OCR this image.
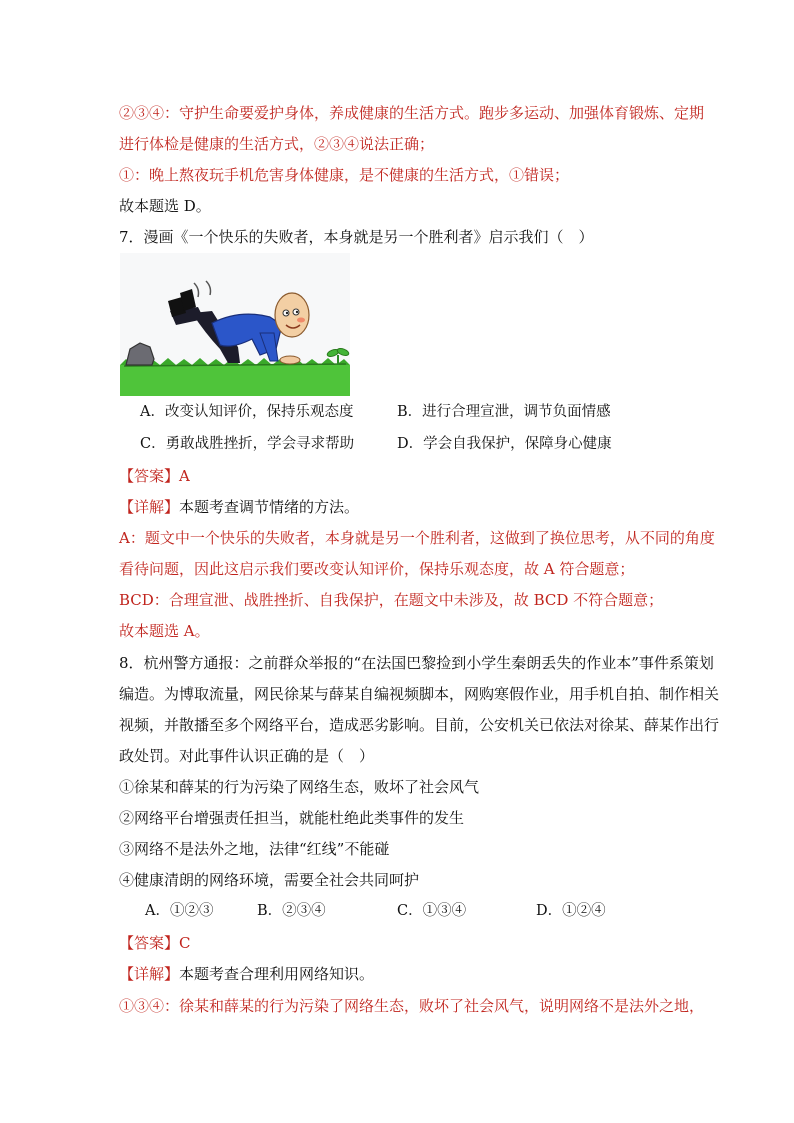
②③④：守护生命要爱护身体，养成健康的生活方式。跑步多运动、加强体育锻炼、定期
进行体检是健康的生活方式，②③④说法正确；
①：晚上熬夜玩手机危害身体健康，是不健康的生活方式，①错误；
故本题选 D。
7．漫画《一个快乐的失败者，本身就是另一个胜利者》启示我们（　）
A．改变认知评价，保持乐观态度	B．进行合理宣泄，调节负面情感
C．勇敢战胜挫折，学会寻求帮助	D．学会自我保护，保障身心健康
【答案】A
【详解】本题考查调节情绪的方法。
A：题文中一个快乐的失败者，本身就是另一个胜利者，这做到了换位思考，从不同的角度
看待问题，因此这启示我们要改变认知评价，保持乐观态度，故 A 符合题意；
BCD：合理宣泄、战胜挫折、自我保护，在题文中未涉及，故 BCD 不符合题意；
故本题选 A。
8．杭州警方通报：之前群众举报的“在法国巴黎捡到小学生秦朗丢失的作业本”事件系策划
编造。为博取流量，网民徐某与薛某自编视频脚本，网购寒假作业，用手机自拍、制作相关
视频，并散播至多个网络平台，造成恶劣影响。目前，公安机关已依法对徐某、薛某作出行
政处罚。对此事件认识正确的是（　）
①徐某和薛某的行为污染了网络生态，败坏了社会风气
②网络平台增强责任担当，就能杜绝此类事件的发生
③网络不是法外之地，法律“红线”不能碰
④健康清朗的网络环境，需要全社会共同呵护
A．①②③	B．②③④	C．①③④	D．①②④
【答案】C
【详解】本题考查合理利用网络知识。
①③④：徐某和薛某的行为污染了网络生态，败坏了社会风气，说明网络不是法外之地，
